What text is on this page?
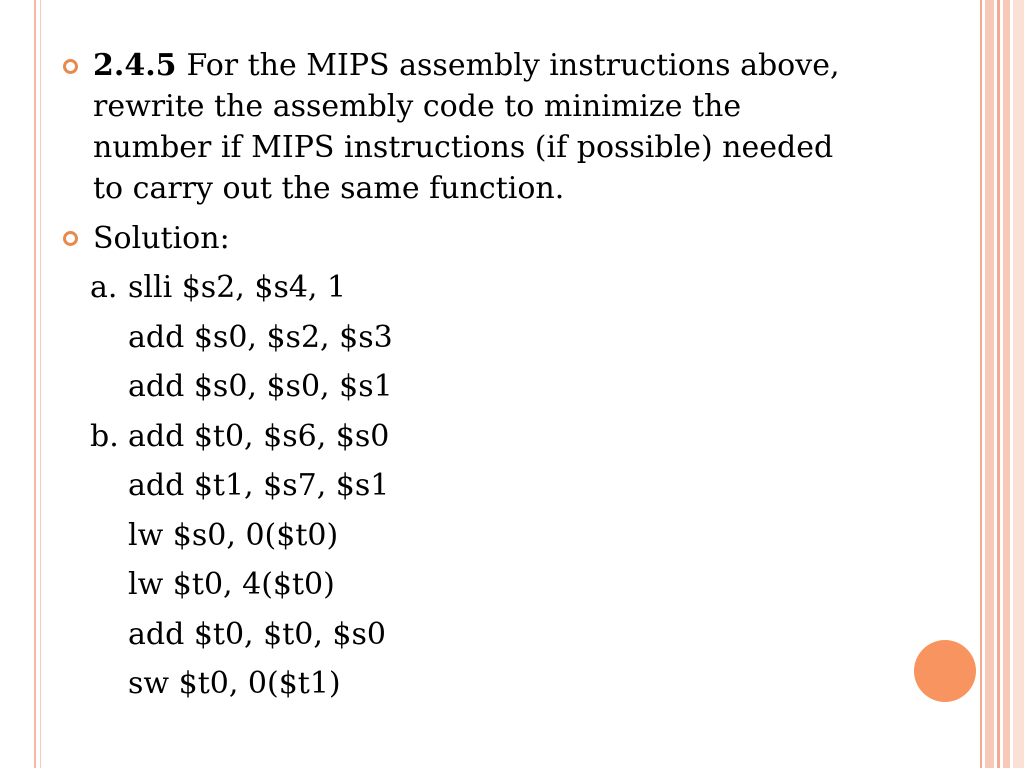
2.4.5 For the MIPS assembly instructions above,
rewrite the assembly code to minimize the
number if MIPS instructions (if possible) needed
to carry out the same function.
Solution:
a. slli $s2, $s4, 1
add $s0, $s2, $s3
add $s0, $s0, $s1
b. add $t0, $s6, $s0
add $t1, $s7, $s1
lw $s0, 0($t0)
lw $t0, 4($t0)
add $t0, $t0, $s0
sw $t0, 0($t1)
